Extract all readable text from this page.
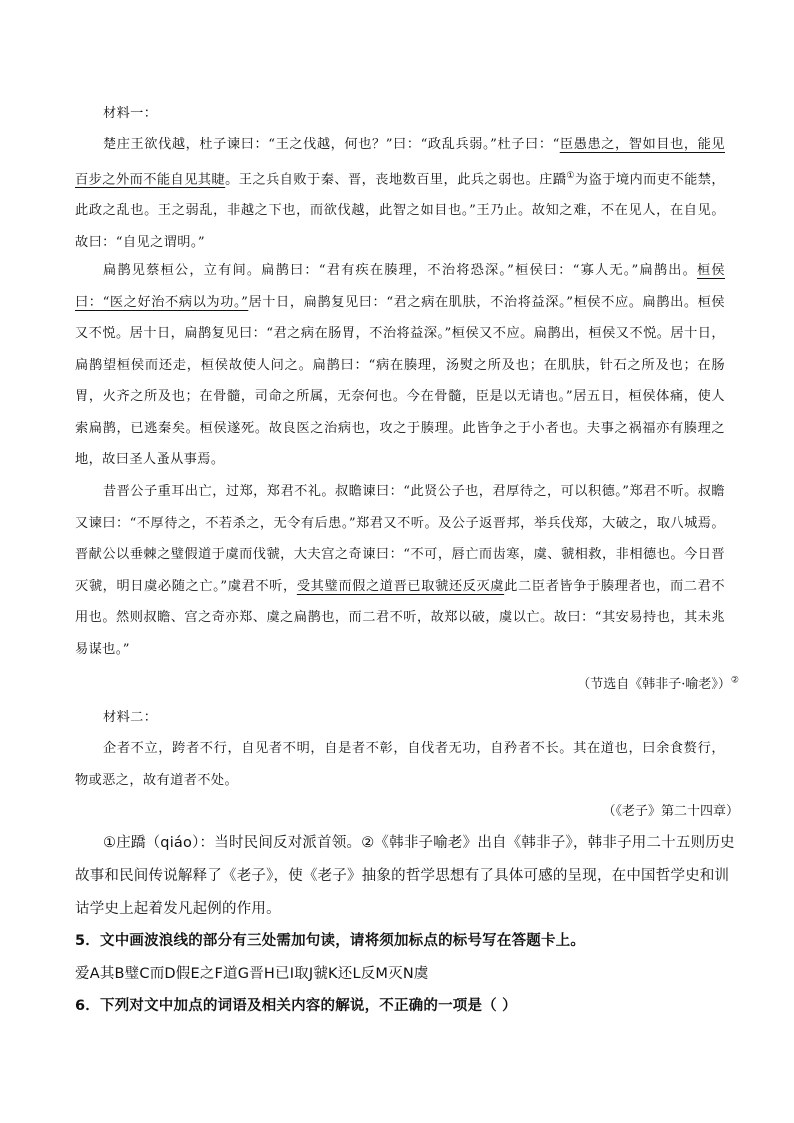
材料一：

楚庄王欲伐越，杜子谏曰：“王之伐越，何也？”曰：“政乱兵弱。”杜子曰：“臣愚患之，智如目也，能见百步之外而不能自见其睫。王之兵自败于秦、晋，丧地数百里，此兵之弱也。庄蹻①为盗于境内而吏不能禁，此政之乱也。王之弱乱，非越之下也，而欲伐越，此智之如目也。”王乃止。故知之难，不在见人，在自见。故曰：“自见之谓明。”

扁鹊见蔡桓公，立有间。扁鹊曰：“君有疾在腠理，不治将恐深。”桓侯曰：“寡人无。”扁鹊出。桓侯曰：“医之好治不病以为功。”居十日，扁鹊复见曰：“君之病在肌肤，不治将益深。”桓侯不应。扁鹊出。桓侯又不悦。居十日，扁鹊复见曰：“君之病在肠胃，不治将益深。”桓侯又不应。扁鹊出，桓侯又不悦。居十日，扁鹊望桓侯而还走，桓侯故使人问之。扁鹊曰：“病在腠理，汤熨之所及也；在肌肤，针石之所及也；在肠胃，火齐之所及也；在骨髓，司命之所属，无奈何也。今在骨髓，臣是以无请也。”居五日，桓侯体痛，使人索扁鹊，已逃秦矣。桓侯遂死。故良医之治病也，攻之于腠理。此皆争之于小者也。夫事之祸福亦有腠理之地，故曰圣人蚤从事焉。

昔晋公子重耳出亡，过郑，郑君不礼。叔瞻谏曰：“此贤公子也，君厚待之，可以积德。”郑君不听。叔瞻又谏曰：“不厚待之，不若杀之，无令有后患。”郑君又不听。及公子返晋邦，举兵伐郑，大破之，取八城焉。晋献公以垂棘之璧假道于虞而伐虢，大夫宫之奇谏曰：“不可，唇亡而齿寒，虞、虢相救，非相德也。今日晋灭虢，明日虞必随之亡。”虞君不听，受其璧而假之道晋已取虢还反灭虞此二臣者皆争于腠理者也，而二君不用也。然则叔瞻、宫之奇亦郑、虞之扁鹊也，而二君不听，故郑以破，虞以亡。故曰：“其安易持也，其未兆易谋也。”

（节选自《韩非子·喻老》）②

材料二：

企者不立，跨者不行，自见者不明，自是者不彰，自伐者无功，自矜者不长。其在道也，曰余食赘行，物或恶之，故有道者不处。

（《老子》第二十四章）

①庄蹻（qiáo）：当时民间反对派首领。②《韩非子喻老》出自《韩非子》，韩非子用二十五则历史故事和民间传说解释了《老子》，使《老子》抽象的哲学思想有了具体可感的呈现，在中国哲学史和训诂学史上起着发凡起例的作用。

5．文中画波浪线的部分有三处需加句读，请将须加标点的标号写在答题卡上。

爱A其B璧C而D假E之F道G晋H已I取J虢K还L反M灭N虞

6．下列对文中加点的词语及相关内容的解说，不正确的一项是（ ）
